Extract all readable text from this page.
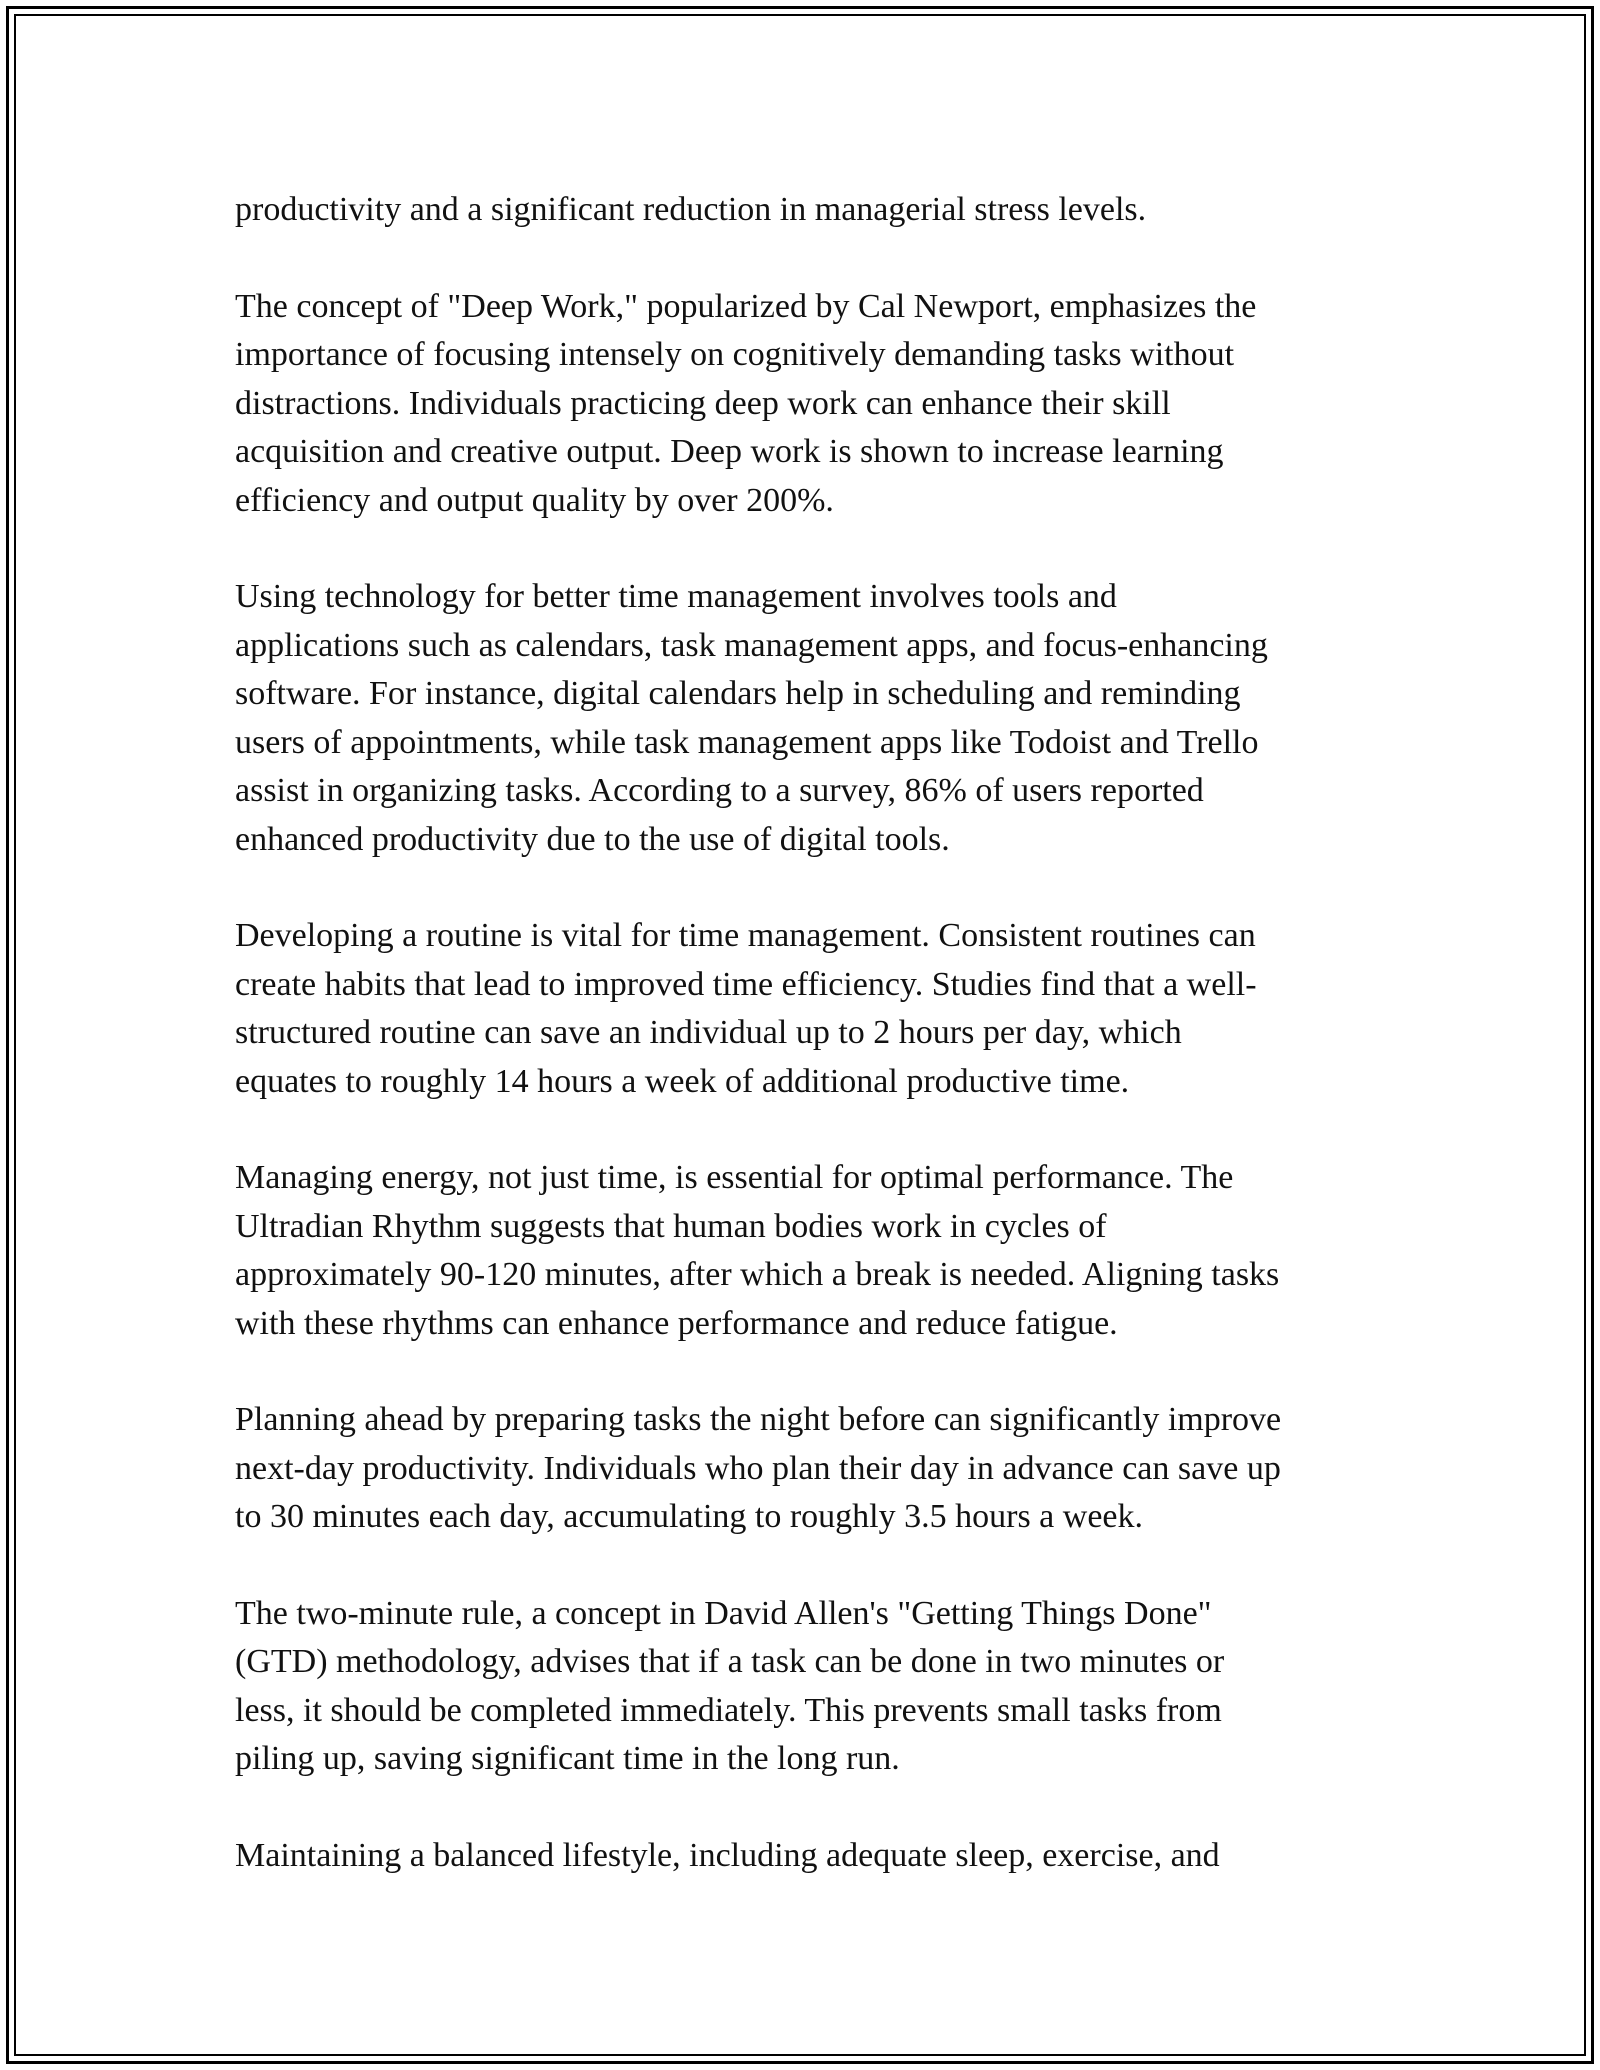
productivity and a significant reduction in managerial stress levels.

The concept of "Deep Work," popularized by Cal Newport, emphasizes the
importance of focusing intensely on cognitively demanding tasks without
distractions. Individuals practicing deep work can enhance their skill
acquisition and creative output. Deep work is shown to increase learning
efficiency and output quality by over 200%.

Using technology for better time management involves tools and
applications such as calendars, task management apps, and focus-enhancing
software. For instance, digital calendars help in scheduling and reminding
users of appointments, while task management apps like Todoist and Trello
assist in organizing tasks. According to a survey, 86% of users reported
enhanced productivity due to the use of digital tools.

Developing a routine is vital for time management. Consistent routines can
create habits that lead to improved time efficiency. Studies find that a well-
structured routine can save an individual up to 2 hours per day, which
equates to roughly 14 hours a week of additional productive time.

Managing energy, not just time, is essential for optimal performance. The
Ultradian Rhythm suggests that human bodies work in cycles of
approximately 90-120 minutes, after which a break is needed. Aligning tasks
with these rhythms can enhance performance and reduce fatigue.

Planning ahead by preparing tasks the night before can significantly improve
next-day productivity. Individuals who plan their day in advance can save up
to 30 minutes each day, accumulating to roughly 3.5 hours a week.

The two-minute rule, a concept in David Allen's "Getting Things Done"
(GTD) methodology, advises that if a task can be done in two minutes or
less, it should be completed immediately. This prevents small tasks from
piling up, saving significant time in the long run.

Maintaining a balanced lifestyle, including adequate sleep, exercise, and
